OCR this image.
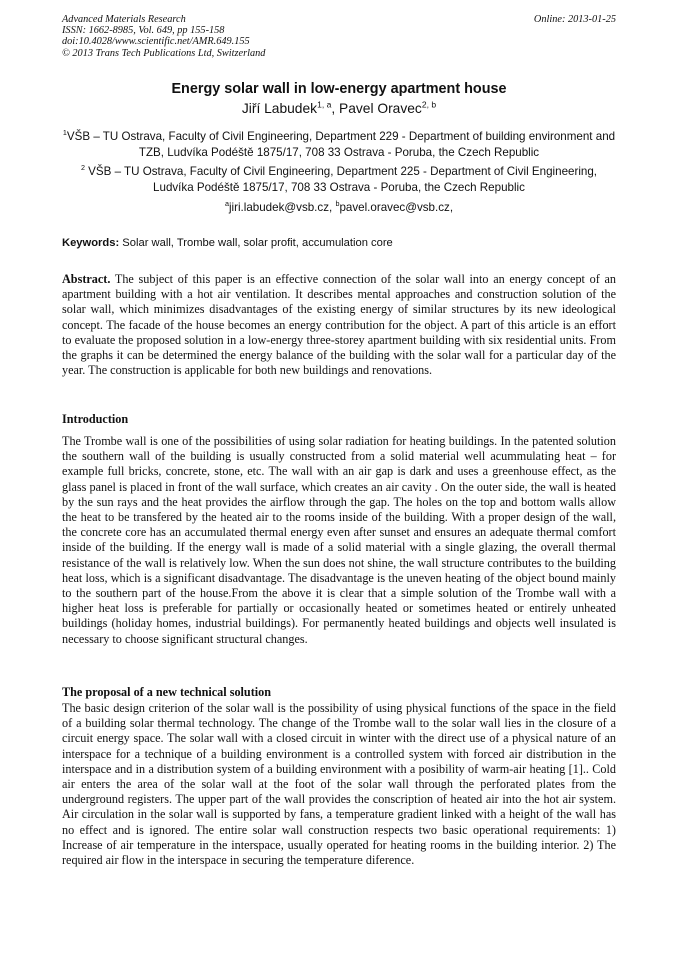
Advanced Materials Research
ISSN: 1662-8985, Vol. 649, pp 155-158
doi:10.4028/www.scientific.net/AMR.649.155
© 2013 Trans Tech Publications Ltd, Switzerland
Online: 2013-01-25
Energy solar wall in low-energy apartment house
Jiří Labudek$^{1, a}$, Pavel Oravec$^{2, b}$
$^1$VŠB – TU Ostrava, Faculty of Civil Engineering, Department 229 - Department of building environment and TZB, Ludvíka Podéště 1875/17, 708 33 Ostrava - Poruba, the Czech Republic
$^2$ VŠB – TU Ostrava, Faculty of Civil Engineering, Department 225 - Department of Civil Engineering, Ludvíka Podéště 1875/17, 708 33 Ostrava - Poruba, the Czech Republic
$^a$jiri.labudek@vsb.cz, $^b$pavel.oravec@vsb.cz,
Keywords: Solar wall, Trombe wall, solar profit, accumulation core

Abstract. The subject of this paper is an effective connection of the solar wall into an energy concept of an apartment building with a hot air ventilation. It describes mental approaches and construction solution of the solar wall, which minimizes disadvantages of the existing energy of similar structures by its new ideological concept. The facade of the house becomes an energy contribution for the object. A part of this article is an effort to evaluate the proposed solution in a low-energy three-storey apartment building with six residential units. From the graphs it can be determined the energy balance of the building with the solar wall for a particular day of the year. The construction is applicable for both new buildings and renovations.

Introduction

The Trombe wall is one of the possibilities of using solar radiation for heating buildings. In the patented solution the southern wall of the building is usually constructed from a solid material well acummulating heat – for example full bricks, concrete, stone, etc. The wall with an air gap is dark and uses a greenhouse effect, as the glass panel is placed in front of the wall surface, which creates an air cavity . On the outer side, the wall is heated by the sun rays and the heat provides the airflow through the gap. The holes on the top and bottom walls allow the heat to be transfered by the heated air to the rooms inside of the building. With a proper design of the wall, the concrete core has an accumulated thermal energy even after sunset and ensures an adequate thermal comfort inside of the building. If the energy wall is made of a solid material with a single glazing, the overall thermal resistance of the wall is relatively low. When the sun does not shine, the wall structure contributes to the building heat loss, which is a significant disadvantage. The disadvantage is the uneven heating of the object bound mainly to the southern part of the house.From the above it is clear that a simple solution of the Trombe wall with a higher heat loss is preferable for partially or occasionally heated or sometimes heated or entirely unheated buildings (holiday homes, industrial buildings). For permanently heated buildings and objects well insulated is necessary to choose significant structural changes.

The proposal of a new technical solution

The basic design criterion of the solar wall is the possibility of using physical functions of the space in the field of a building solar thermal technology. The change of the Trombe wall to the solar wall lies in the closure of a circuit energy space. The solar wall with a closed circuit in winter with the direct use of a physical nature of an interspace for a technique of a building environment is a controlled system with forced air distribution in the interspace and in a distribution system of a building environment with a posibility of warm-air heating [1].. Cold air enters the area of the solar wall at the foot of the solar wall through the perforated plates from the underground registers. The upper part of the wall provides the conscription of heated air into the hot air system. Air circulation in the solar wall is supported by fans, a temperature gradient linked with a height of the wall has no effect and is ignored. The entire solar wall construction respects two basic operational requirements: 1) Increase of air temperature in the interspace, usually operated for heating rooms in the building interior. 2) The required air flow in the interspace in securing the temperature diference.
